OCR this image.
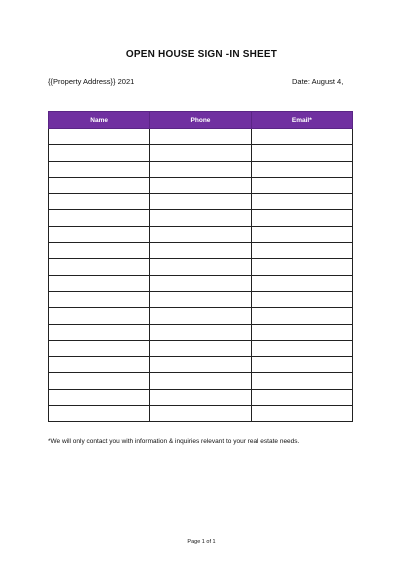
OPEN HOUSE SIGN -IN SHEET
{{Property Address}} 2021	Date: August 4,
Name	Phone	Email*

*We will only contact you with information & inquiries relevant to your real estate needs.
Page 1 of 1
